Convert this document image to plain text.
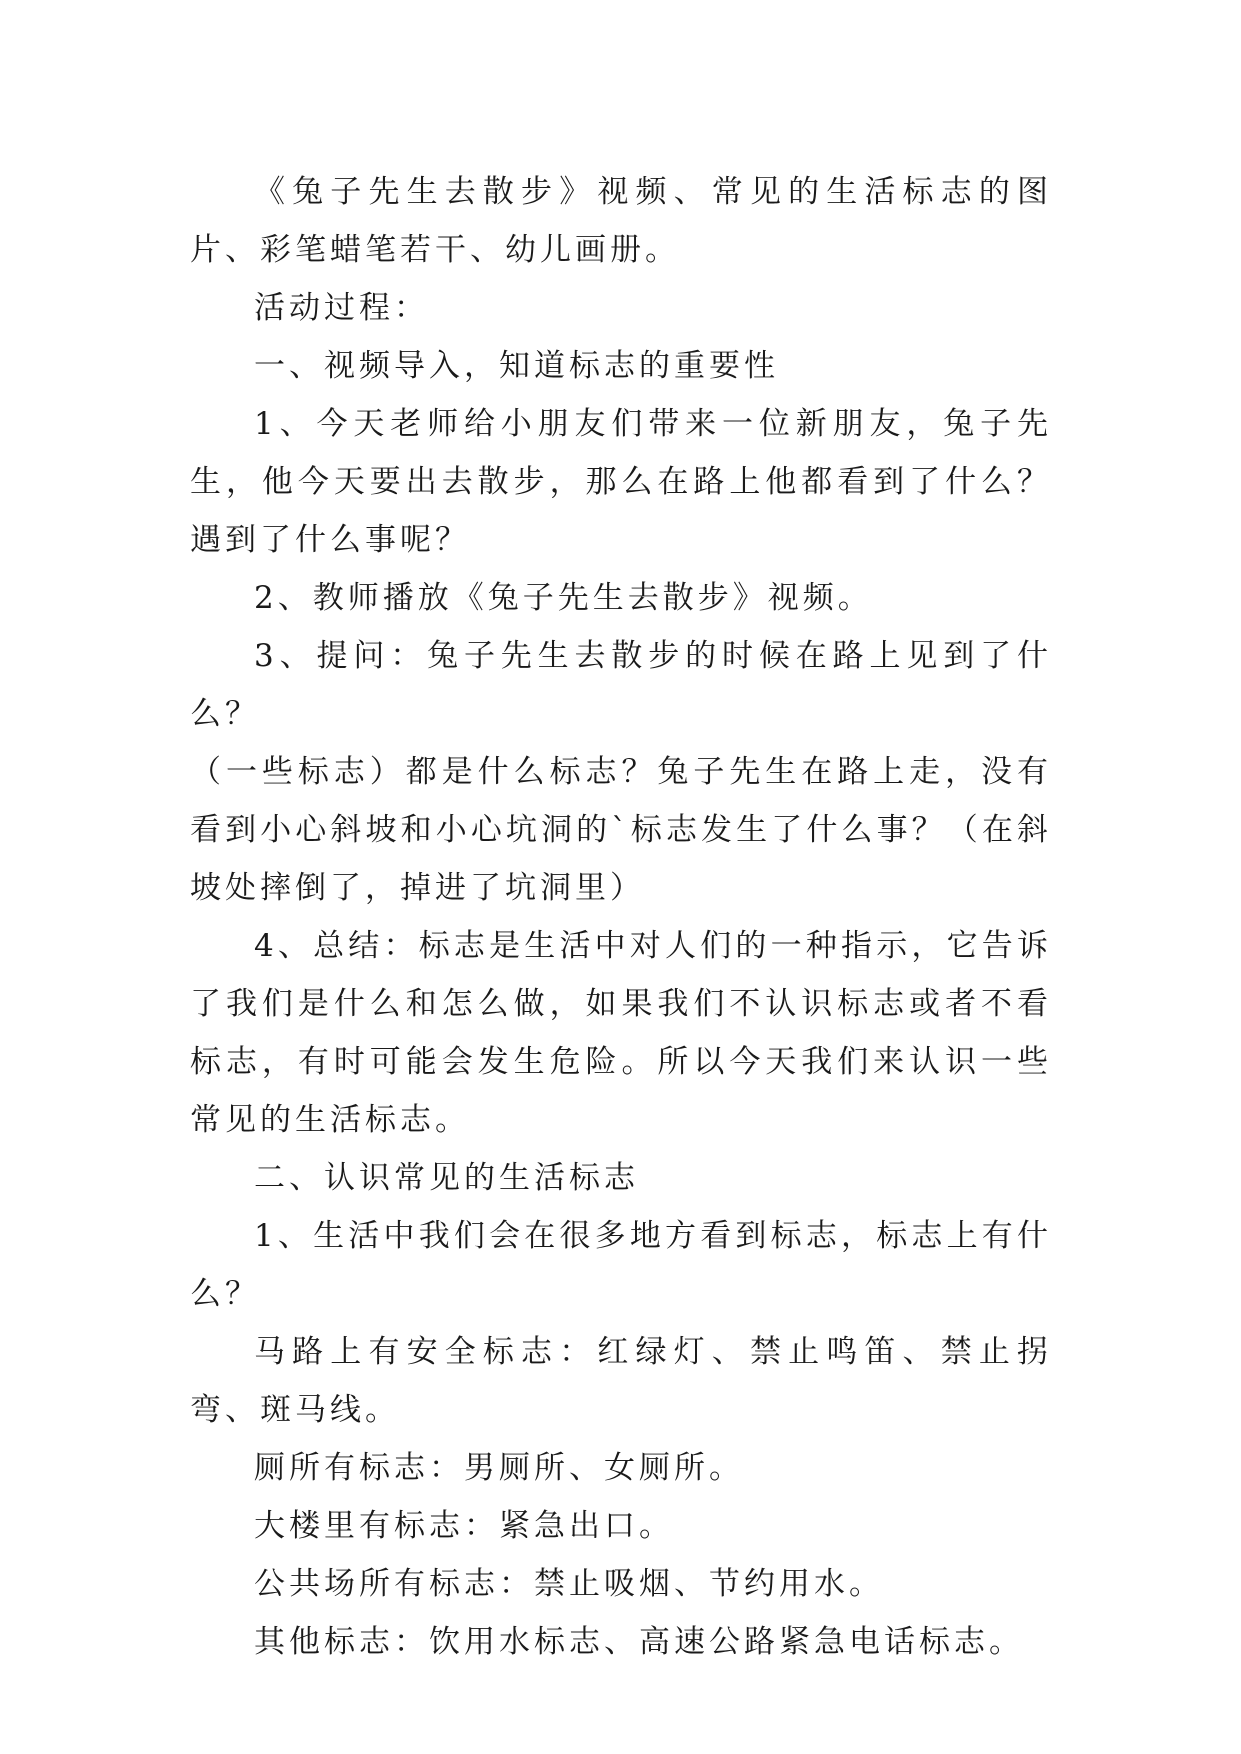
《兔子先生去散步》视频、常见的生活标志的图片、彩笔蜡笔若干、幼儿画册。

活动过程：

一、视频导入，知道标志的重要性

1、今天老师给小朋友们带来一位新朋友，兔子先生，他今天要出去散步，那么在路上他都看到了什么？遇到了什么事呢？

2、教师播放《兔子先生去散步》视频。

3、提问：兔子先生去散步的时候在路上见到了什么？

（一些标志）都是什么标志？兔子先生在路上走，没有看到小心斜坡和小心坑洞的`标志发生了什么事？（在斜坡处摔倒了，掉进了坑洞里）

4、总结：标志是生活中对人们的一种指示，它告诉了我们是什么和怎么做，如果我们不认识标志或者不看标志，有时可能会发生危险。所以今天我们来认识一些常见的生活标志。

二、认识常见的生活标志

1、生活中我们会在很多地方看到标志，标志上有什么？

马路上有安全标志：红绿灯、禁止鸣笛、禁止拐弯、斑马线。

厕所有标志：男厕所、女厕所。

大楼里有标志：紧急出口。

公共场所有标志：禁止吸烟、节约用水。

其他标志：饮用水标志、高速公路紧急电话标志。
